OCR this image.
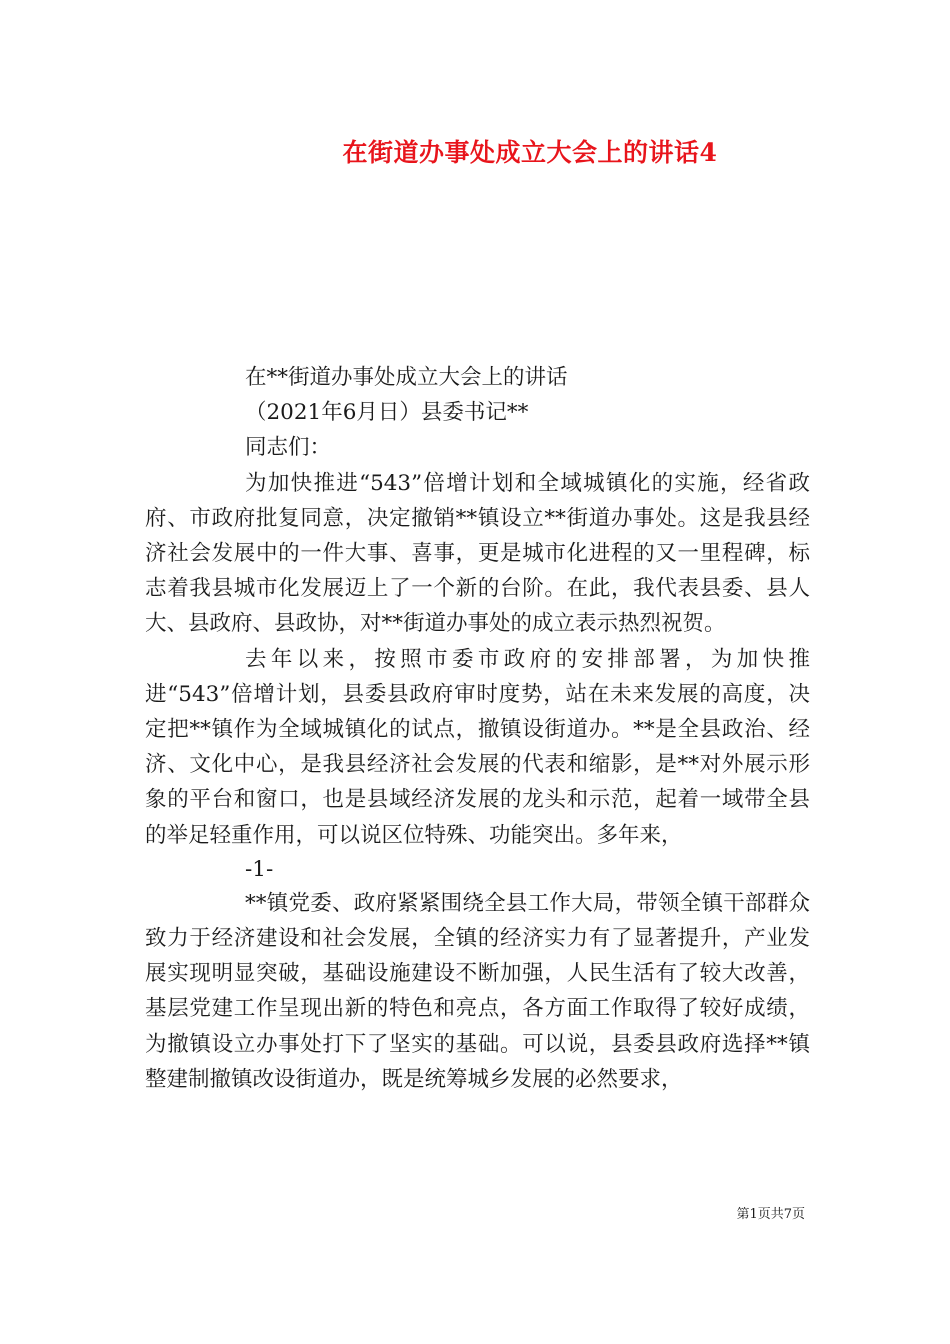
在街道办事处成立大会上的讲话4
在**街道办事处成立大会上的讲话
（2021年6月日）县委书记**
同志们：
为加快推进“543”倍增计划和全域城镇化的实施，经省政府、市政府批复同意，决定撤销**镇设立**街道办事处。这是我县经济社会发展中的一件大事、喜事，更是城市化进程的又一里程碑，标志着我县城市化发展迈上了一个新的台阶。在此，我代表县委、县人大、县政府、县政协，对**街道办事处的成立表示热烈祝贺。
去年以来，按照市委市政府的安排部署，为加快推进“543”倍增计划，县委县政府审时度势，站在未来发展的高度，决定把**镇作为全域城镇化的试点，撤镇设街道办。**是全县政治、经济、文化中心，是我县经济社会发展的代表和缩影，是**对外展示形象的平台和窗口，也是县域经济发展的龙头和示范，起着一域带全县的举足轻重作用，可以说区位特殊、功能突出。多年来，
-1-
**镇党委、政府紧紧围绕全县工作大局，带领全镇干部群众致力于经济建设和社会发展，全镇的经济实力有了显著提升，产业发展实现明显突破，基础设施建设不断加强，人民生活有了较大改善，基层党建工作呈现出新的特色和亮点，各方面工作取得了较好成绩，为撤镇设立办事处打下了坚实的基础。可以说，县委县政府选择**镇整建制撤镇改设街道办，既是统筹城乡发展的必然要求，
第1页共7页
